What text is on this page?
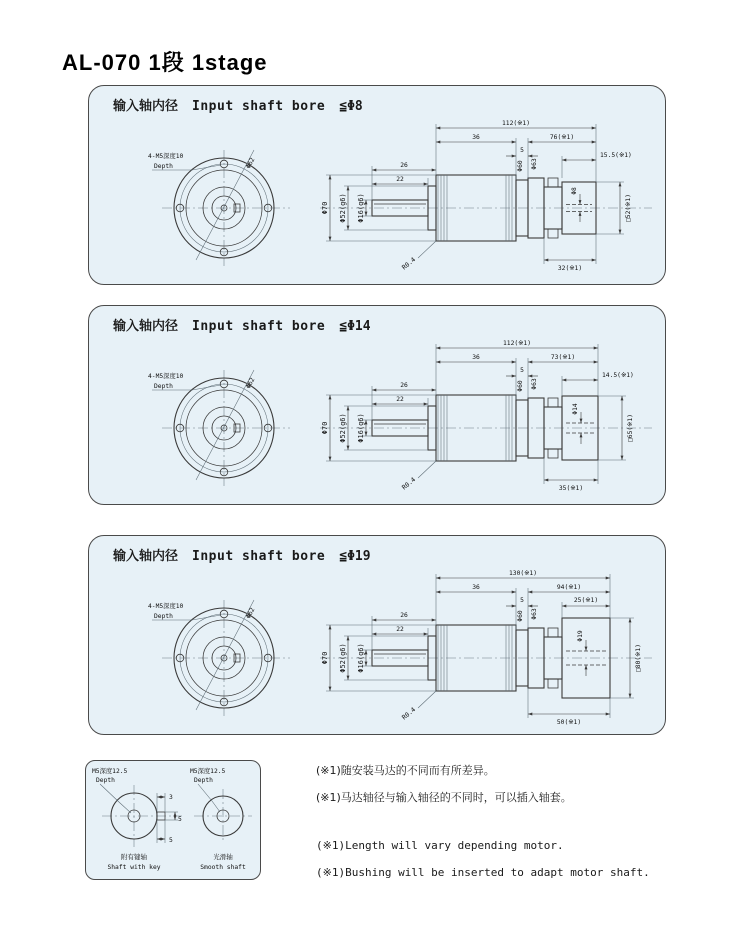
AL-070 1段 1stage
输入轴内径 Input shaft bore ≦Φ8
4-M5深度10
Depth	Φ62
Φ70 Φ52(g6) Φ16(g6)
112(※1)
36	76(※1)
5
15.5(※1)
26
22
Φ60 Φ63
Φ8
□52(※1)
32(※1)
R0.4
输入轴内径 Input shaft bore ≦Φ14
4-M5深度10
Depth	Φ62
Φ70 Φ52(g6) Φ16(g6)
112(※1)
36	73(※1)
5
14.5(※1)
26
22
Φ60 Φ63
Φ14
□65(※1)
35(※1)
R0.4
输入轴内径 Input shaft bore ≦Φ19
4-M5深度10
Depth	Φ62
Φ70 Φ52(g6) Φ16(g6)
130(※1)
36	94(※1)
5	25(※1)
26
22
Φ60 Φ63
Φ19
□80(※1)
50(※1)
R0.4
M5深度12.5
Depth
3
5
5
附有键轴
Shaft with key
M5深度12.5
Depth
光滑轴
Smooth shaft
(※1)随安装马达的不同而有所差异。
(※1)马达轴径与输入轴径的不同时，可以插入轴套。
(※1)Length will vary depending motor.
(※1)Bushing will be inserted to adapt motor shaft.
